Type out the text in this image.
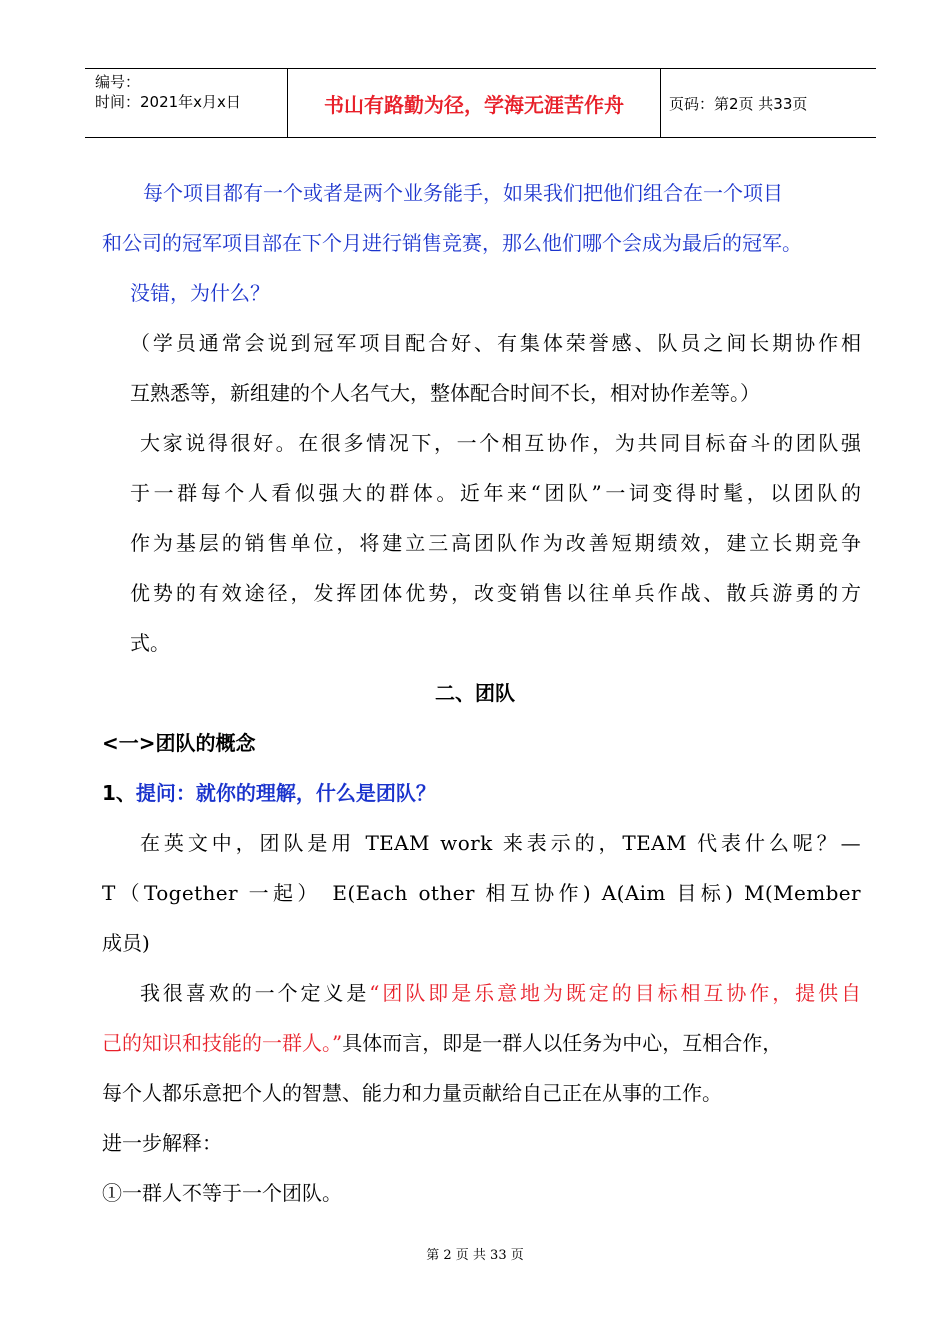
编号：
时间：2021年x月x日	书山有路勤为径，学海无涯苦作舟	页码：第2页 共33页

每个项目都有一个或者是两个业务能手，如果我们把他们组合在一个项目

和公司的冠军项目部在下个月进行销售竞赛，那么他们哪个会成为最后的冠军。

没错，为什么？

（学员通常会说到冠军项目配合好、有集体荣誉感、队员之间长期协作相

互熟悉等，新组建的个人名气大，整体配合时间不长，相对协作差等。）

大家说得很好。在很多情况下，一个相互协作，为共同目标奋斗的团队强

于一群每个人看似强大的群体。近年来“团队”一词变得时髦，以团队的

作为基层的销售单位，将建立三高团队作为改善短期绩效，建立长期竞争

优势的有效途径，发挥团体优势，改变销售以往单兵作战、散兵游勇的方

式。

二、团队

<一>团队的概念

1、提问：就你的理解，什么是团队？

在英文中，团队是用 TEAM work 来表示的，TEAM 代表什么呢？—

T（Together 一起） E(Each other 相互协作) A(Aim 目标) M(Member

成员)

我很喜欢的一个定义是“团队即是乐意地为既定的目标相互协作，提供自

己的知识和技能的一群人。”具体而言，即是一群人以任务为中心，互相合作，

每个人都乐意把个人的智慧、能力和力量贡献给自己正在从事的工作。

进一步解释：

①一群人不等于一个团队。

第 2 页 共 33 页
